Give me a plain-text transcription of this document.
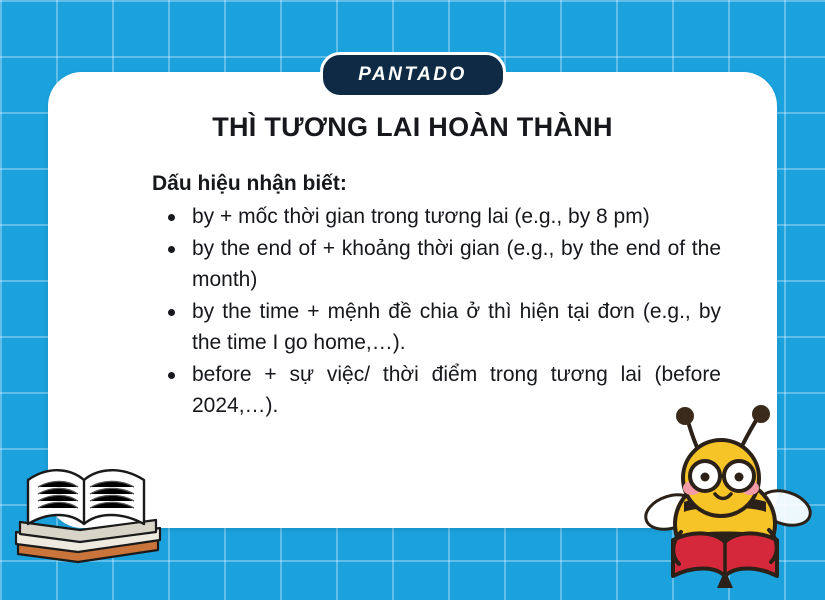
THÌ TƯƠNG LAI HOÀN THÀNH
Dấu hiệu nhận biết:
by + mốc thời gian trong tương lai (e.g., by 8 pm)
by the end of + khoảng thời gian (e.g., by the end of the month)
by the time + mệnh đề chia ở thì hiện tại đơn (e.g., by the time I go home,…).
before + sự việc/ thời điểm trong tương lai (before 2024,…).
PANTADO
